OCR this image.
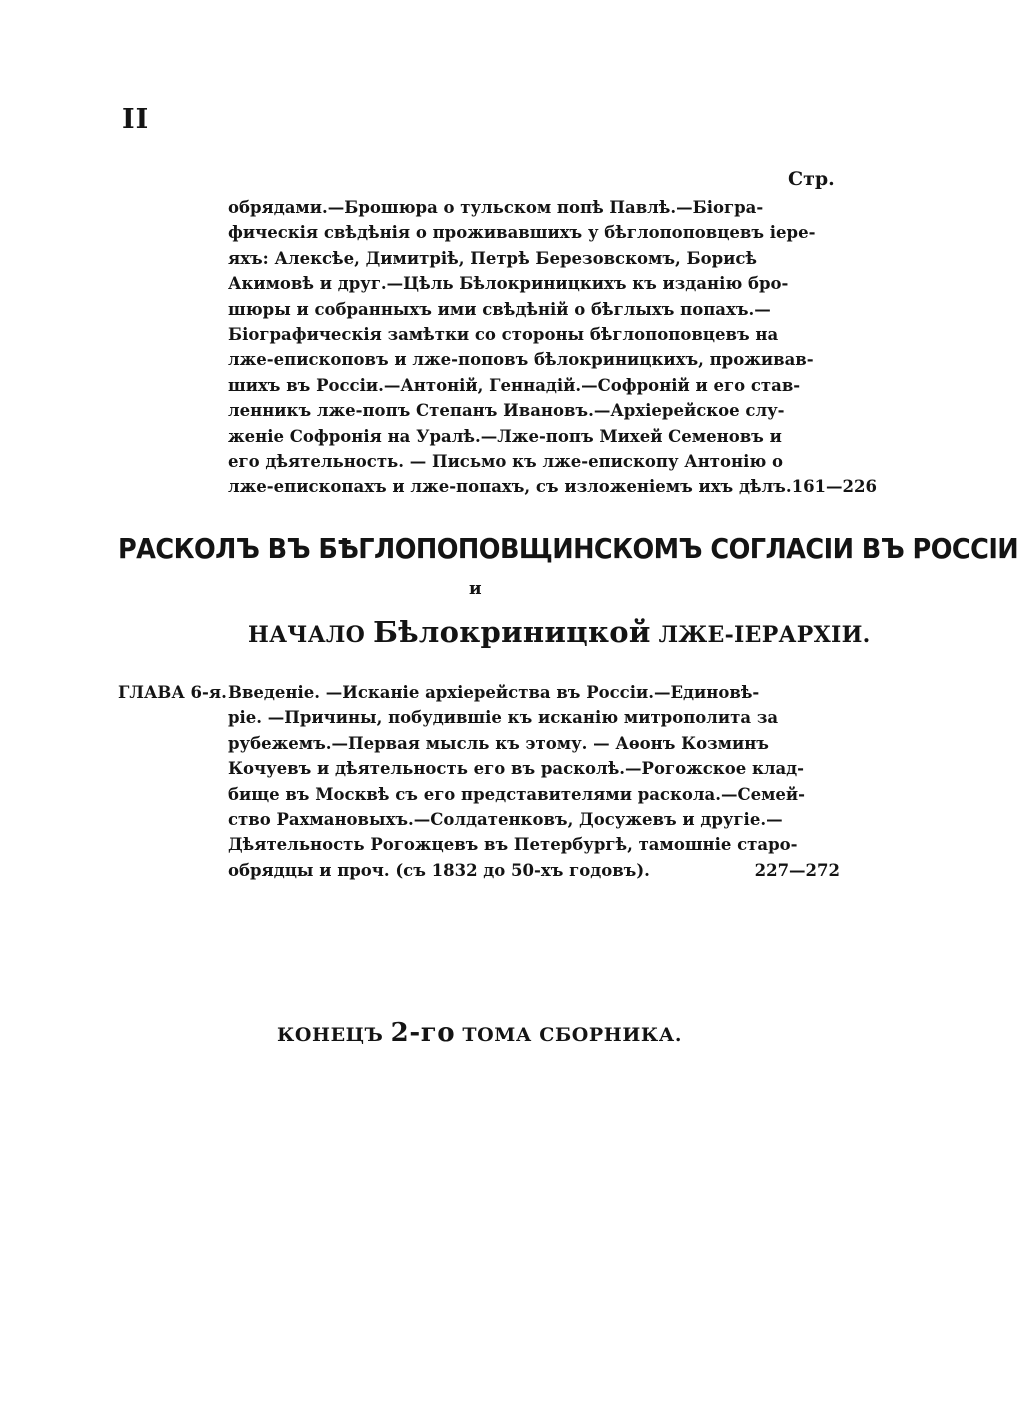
II
Стр.
обрядами.—Брошюра о тульском попѣ Павлѣ.—Біогра-
фическія свѣдѣнія о проживавшихъ у бѣглопоповцевъ iере-
яхъ: Алексѣе, Димитріѣ, Петрѣ Березовскомъ, Борисѣ
Акимовѣ и друг.—Цѣль Бѣлокриницкихъ къ изданію бро-
шюры и собранныхъ ими свѣдѣній о бѣглыхъ попахъ.—
Біографическія замѣтки со стороны бѣглопоповцевъ на
лже-епископовъ и лже-поповъ бѣлокриницкихъ, проживав-
шихъ въ Россіи.—Антоній, Геннадій.—Софроній и его став-
ленникъ лже-попъ Степанъ Ивановъ.—Архіерейское слу-
женіе Софронія на Уралѣ.—Лже-попъ Михей Семеновъ и
его дѣятельность. — Письмо къ лже-епископу Антонію о
лже-епископахъ и лже-попахъ, съ изложеніемъ ихъ дѣлъ. 161—226
РАСКОЛЪ ВЪ БѢГЛОПОПОВЩИНСКОМЪ СОГЛАСІИ ВЪ РОССІИ
и
НАЧАЛО Бѣлокриницкой ЛЖЕ-ІЕРАРХІИ.
ГЛАВА 6-я. Введеніе. —Исканіе архіерейства въ Россіи.—Единовѣ-
ріе. —Причины, побудившіе къ исканію митрополита за
рубежемъ.—Первая мысль къ этому. — Аѳонъ Козминъ
Кочуевъ и дѣятельность его въ расколѣ.—Рогожское клад-
бище въ Москвѣ съ его представителями раскола.—Семей-
ство Рахмановыхъ.—Солдатенковъ, Досужевъ и другіе.—
Дѣятельность Рогожцевъ въ Петербургѣ, тамошніе старо-
обрядцы и проч. (съ 1832 до 50-хъ годовъ).	227—272
КОНЕЦЪ 2-го ТОМА СБОРНИКА.
